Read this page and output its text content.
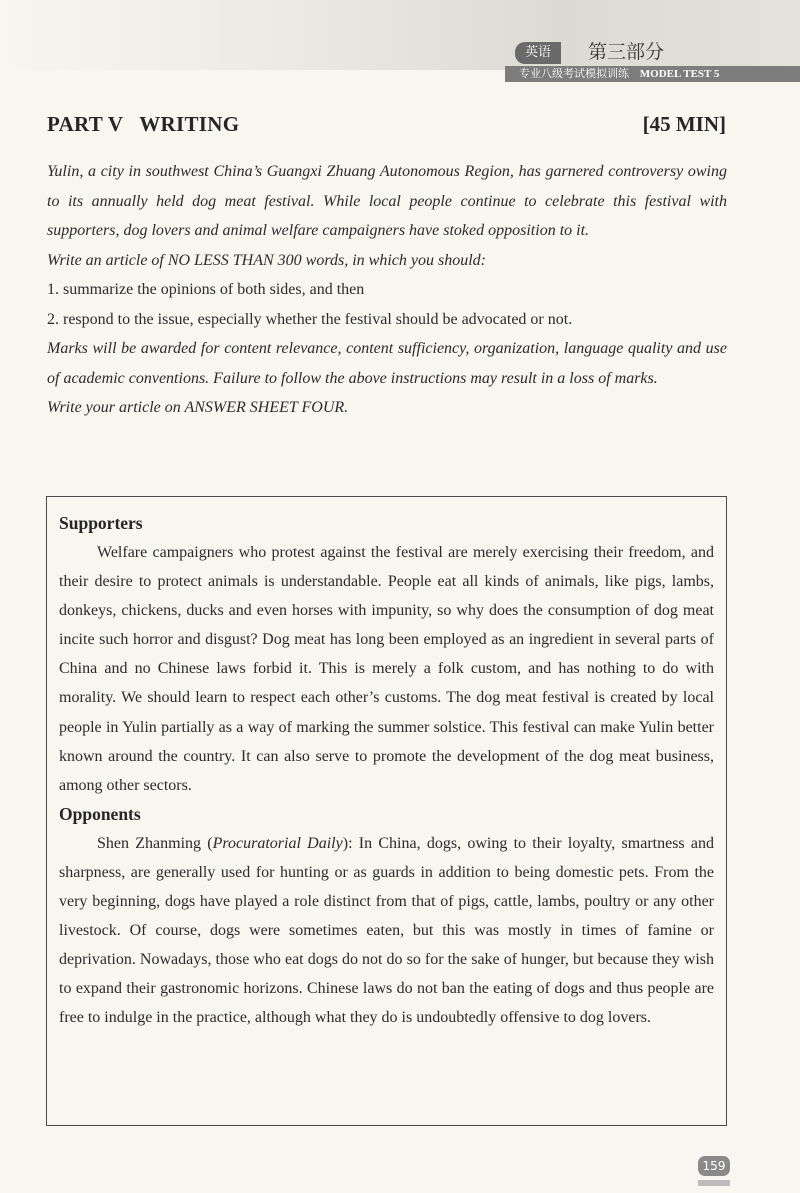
英语	第三部分
专业八级考试模拟训练 MODEL TEST 5
PART V   WRITING	[45 MIN]

Yulin, a city in southwest China’s Guangxi Zhuang Autonomous Region, has garnered controversy owing to its annually held dog meat festival. While local people continue to celebrate this festival with supporters, dog lovers and animal welfare campaigners have stoked opposition to it.

Write an article of NO LESS THAN 300 words, in which you should:

1. summarize the opinions of both sides, and then

2. respond to the issue, especially whether the festival should be advocated or not.

Marks will be awarded for content relevance, content sufficiency, organization, language quality and use of academic conventions. Failure to follow the above instructions may result in a loss of marks.

Write your article on ANSWER SHEET FOUR.

Supporters

Welfare campaigners who protest against the festival are merely exercising their freedom, and their desire to protect animals is understandable. People eat all kinds of animals, like pigs, lambs, donkeys, chickens, ducks and even horses with impunity, so why does the consumption of dog meat incite such horror and disgust? Dog meat has long been employed as an ingredient in several parts of China and no Chinese laws forbid it. This is merely a folk custom, and has nothing to do with morality. We should learn to respect each other’s customs. The dog meat festival is created by local people in Yulin partially as a way of marking the summer solstice. This festival can make Yulin better known around the country. It can also serve to promote the development of the dog meat business, among other sectors.

Opponents

Shen Zhanming (Procuratorial Daily): In China, dogs, owing to their loyalty, smartness and sharpness, are generally used for hunting or as guards in addition to being domestic pets. From the very beginning, dogs have played a role distinct from that of pigs, cattle, lambs, poultry or any other livestock. Of course, dogs were sometimes eaten, but this was mostly in times of famine or deprivation. Nowadays, those who eat dogs do not do so for the sake of hunger, but because they wish to expand their gastronomic horizons. Chinese laws do not ban the eating of dogs and thus people are free to indulge in the practice, although what they do is undoubtedly offensive to dog lovers.

159
